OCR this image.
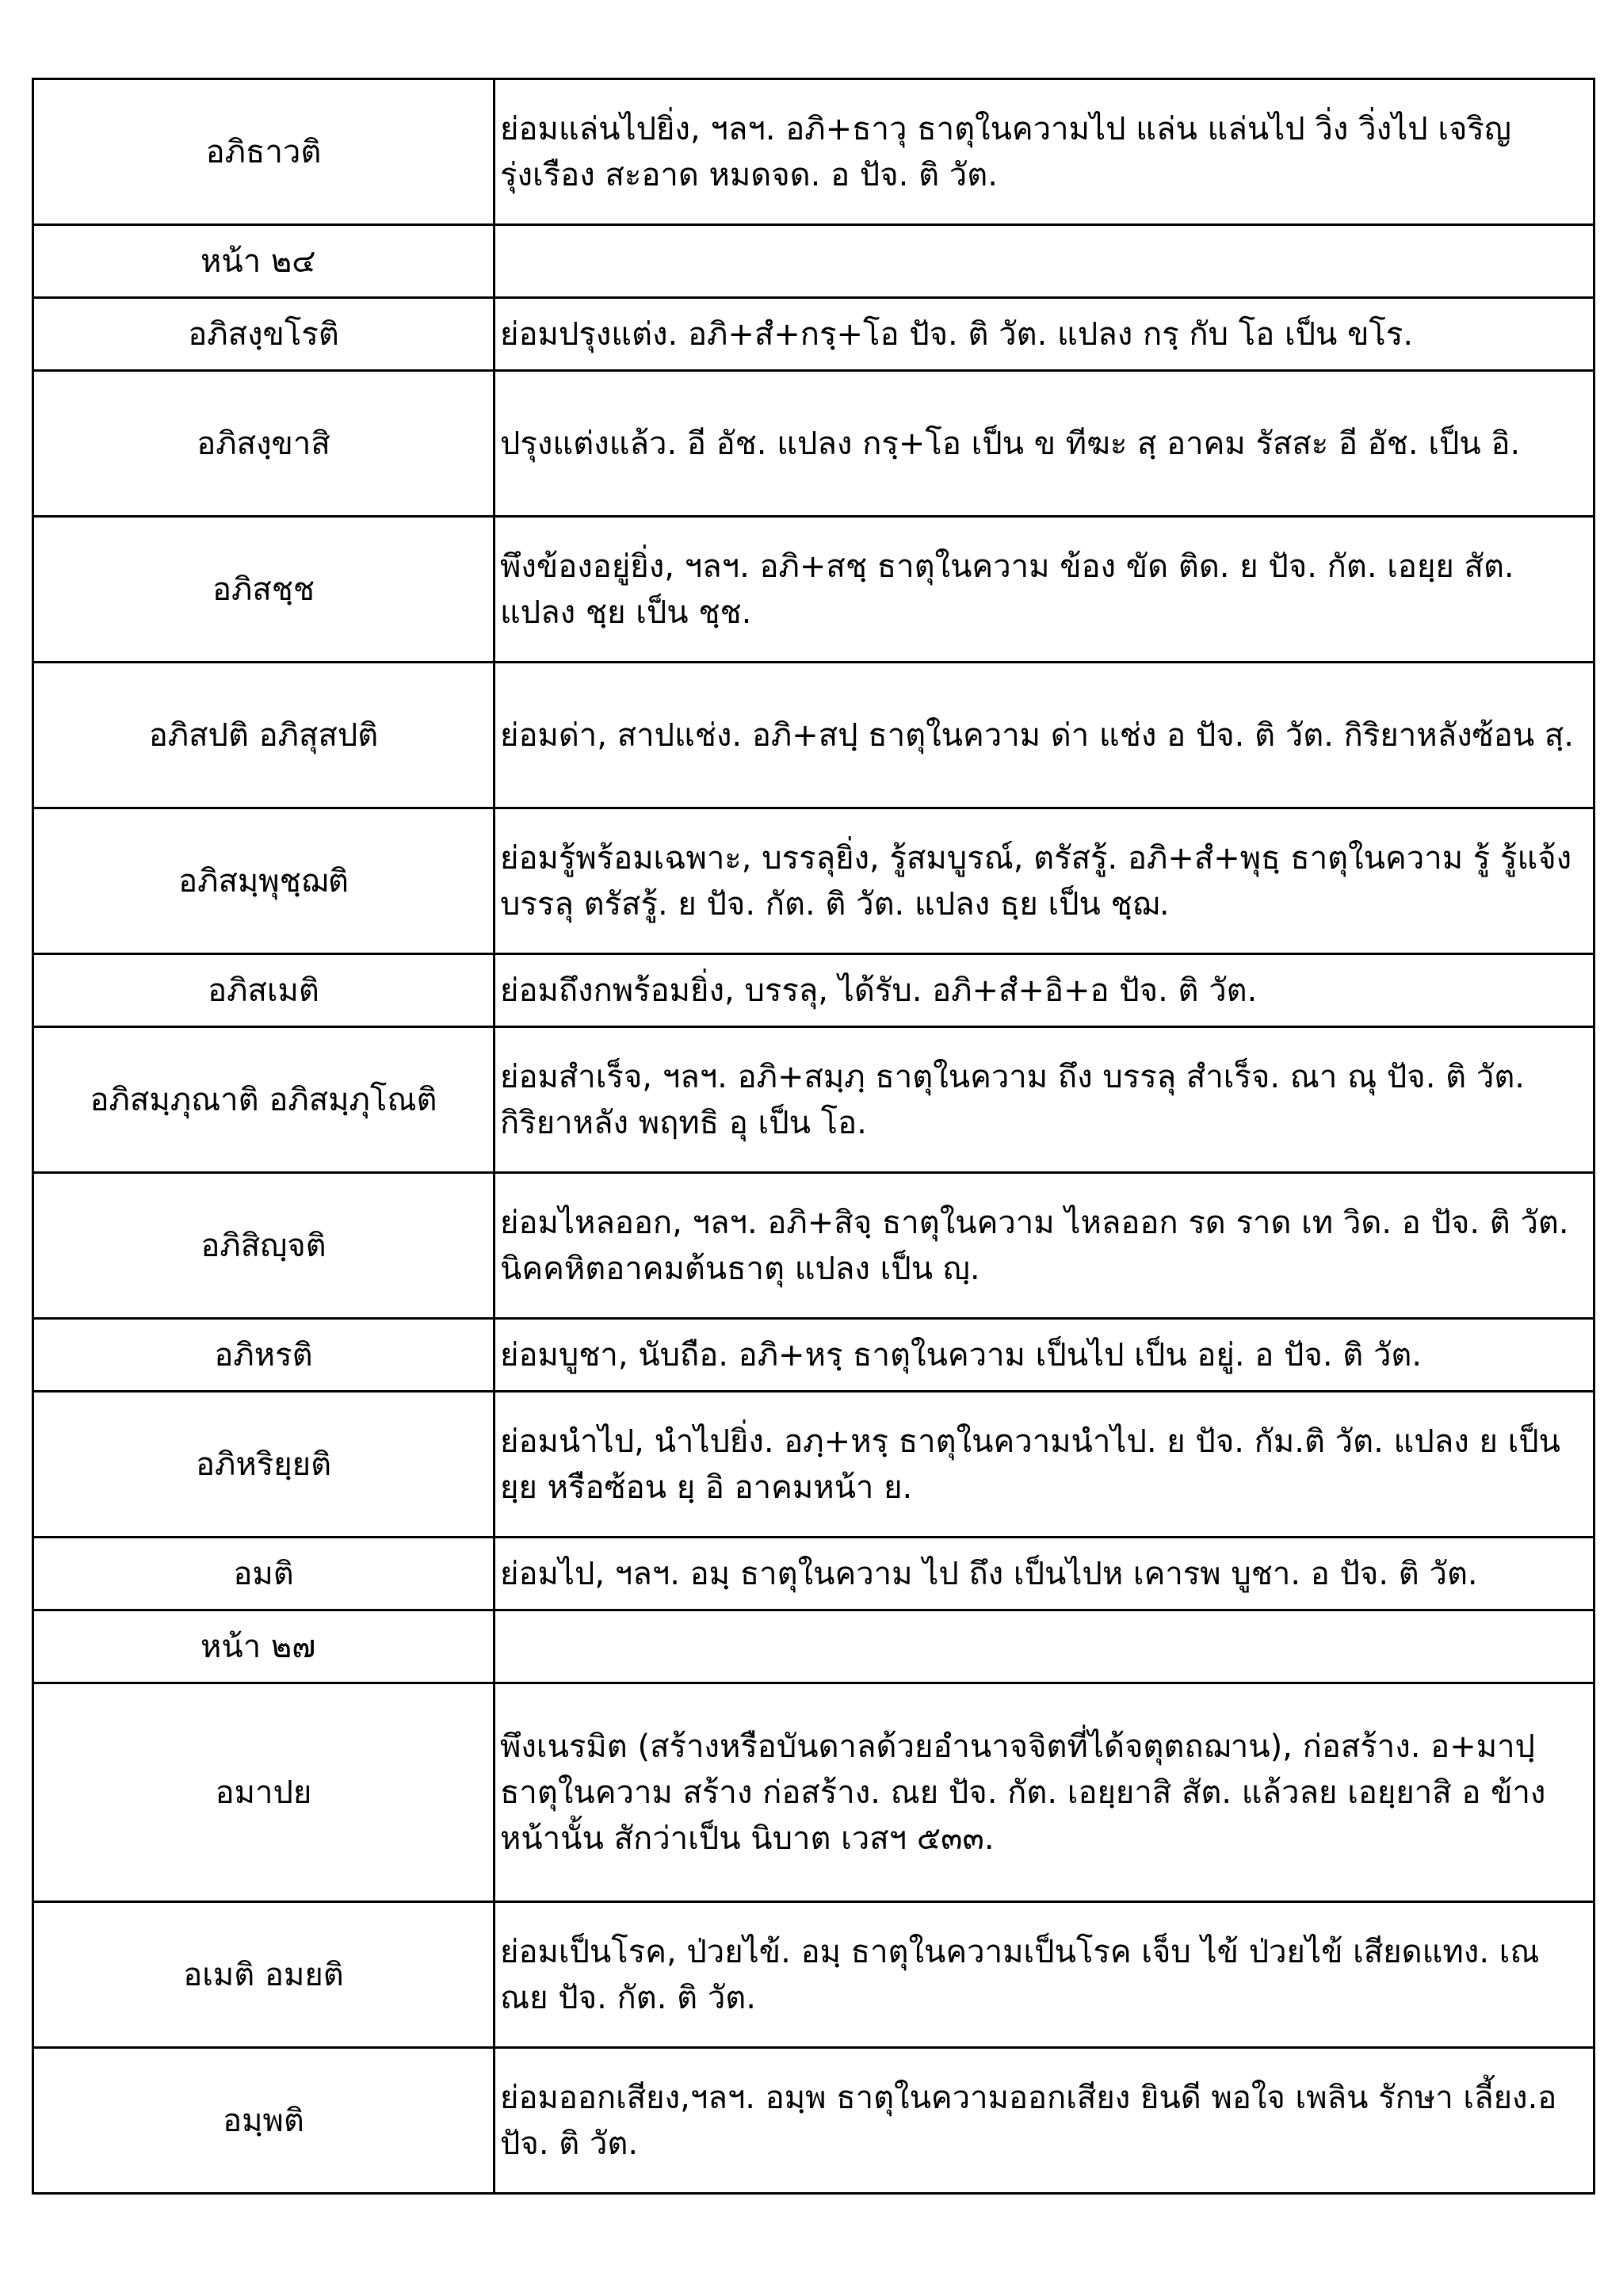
อภิธาวติ	ย่อมแล่นไปยิ่ง, ฯลฯ. อภิ+ธาวุ ธาตุในความไป แล่น แล่นไป วิ่ง วิ่งไป เจริญ รุ่งเรือง สะอาด หมดจด. อ ปัจ. ติ วัต.
หน้า ๒๔	
อภิสงฺขโรติ	ย่อมปรุงแต่ง. อภิ+สํ+กรฺ+โอ ปัจ. ติ วัต. แปลง กรฺ กับ โอ เป็น ขโร.
อภิสงฺขาสิ	ปรุงแต่งแล้ว. อี อัช. แปลง กรฺ+โอ เป็น ข ทีฆะ สฺ อาคม รัสสะ อี อัช. เป็น อิ.
อภิสชฺช	พึงข้องอยู่ยิ่ง, ฯลฯ. อภิ+สชฺ ธาตุในความ ข้อง ขัด ติด. ย ปัจ. กัต. เอยฺย สัต. แปลง ชฺย เป็น ชฺช.
อภิสปติ อภิสุสปติ	ย่อมด่า, สาปแช่ง. อภิ+สปฺ ธาตุในความ ด่า แช่ง อ ปัจ. ติ วัต. กิริยาหลังซ้อน สฺ.
อภิสมฺพุชฺฌติ	ย่อมรู้พร้อมเฉพาะ, บรรลุยิ่ง, รู้สมบูรณ์, ตรัสรู้. อภิ+สํ+พุธฺ ธาตุในความ รู้ รู้แจ้ง บรรลุ ตรัสรู้. ย ปัจ. กัต. ติ วัต. แปลง ธฺย เป็น ชฺฌ.
อภิสเมติ	ย่อมถึงกพร้อมยิ่ง, บรรลุ, ได้รับ. อภิ+สํ+อิ+อ ปัจ. ติ วัต.
อภิสมฺภุณาติ อภิสมฺภุโณติ	ย่อมสำเร็จ, ฯลฯ. อภิ+สมฺภฺ ธาตุในความ ถึง บรรลุ สำเร็จ. ณา ณุ ปัจ. ติ วัต. กิริยาหลัง พฤทธิ อุ เป็น โอ.
อภิสิญฺจติ	ย่อมไหลออก, ฯลฯ. อภิ+สิจฺ ธาตุในความ ไหลออก รด ราด เท วิด. อ ปัจ. ติ วัต. นิคคหิตอาคมต้นธาตุ แปลง เป็น ญฺ.
อภิหรติ	ย่อมบูชา, นับถือ. อภิ+หรฺ ธาตุในความ เป็นไป เป็น อยู่. อ ปัจ. ติ วัต.
อภิหริยฺยติ	ย่อมนำไป, นำไปยิ่ง. อภฺ+หรฺ ธาตุในความนำไป. ย ปัจ. กัม.ติ วัต. แปลง ย เป็น ยฺย หรือซ้อน ยฺ อิ อาคมหน้า ย.
อมติ	ย่อมไป, ฯลฯ. อมฺ ธาตุในความ ไป ถึง เป็นไปห เคารพ บูชา. อ ปัจ. ติ วัต.
หน้า ๒๗	
อมาปย	พึงเนรมิต (สร้างหรือบันดาลด้วยอำนาจจิตที่ได้จตุตถฌาน), ก่อสร้าง. อ+มาปฺ ธาตุในความ สร้าง ก่อสร้าง. ณย ปัจ. กัต. เอยฺยาสิ สัต. แล้วลย เอยฺยาสิ อ ข้างหน้านั้น สักว่าเป็น นิบาต เวสฯ ๕๓๓.
อเมติ อมยติ	ย่อมเป็นโรค, ป่วยไข้. อมฺ ธาตุในความเป็นโรค เจ็บ ไข้ ป่วยไข้ เสียดแทง. เณ ณย ปัจ. กัต. ติ วัต.
อมฺพติ	ย่อมออกเสียง,ฯลฯ. อมฺพ ธาตุในความออกเสียง ยินดี พอใจ เพลิน รักษา เลี้ยง.อ ปัจ. ติ วัต.
